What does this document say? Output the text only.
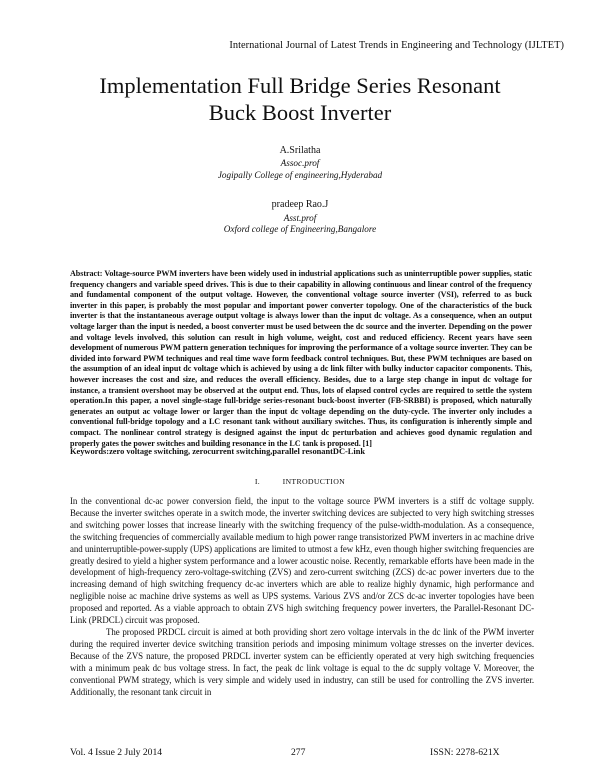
International Journal of Latest Trends in Engineering and Technology (IJLTET)
Implementation Full Bridge Series Resonant
Buck Boost Inverter
A.Srilatha
Assoc.prof
Jogipally College of engineering,Hyderabad
pradeep Rao.J
Asst.prof
Oxford college of Engineering,Bangalore
Abstract: Voltage-source PWM inverters have been widely used in industrial applications such as uninterruptible power supplies, static frequency changers and variable speed drives. This is due to their capability in allowing continuous and linear control of the frequency and fundamental component of the output voltage. However, the conventional voltage source inverter (VSI), referred to as buck inverter in this paper, is probably the most popular and important power converter topology. One of the characteristics of the buck inverter is that the instantaneous average output voltage is always lower than the input dc voltage. As a consequence, when an output voltage larger than the input is needed, a boost converter must be used between the dc source and the inverter. Depending on the power and voltage levels involved, this solution can result in high volume, weight, cost and reduced efficiency. Recent years have seen development of numerous PWM pattern generation techniques for improving the performance of a voltage source inverter. They can be divided into forward PWM techniques and real time wave form feedback control techniques. But, these PWM techniques are based on the assumption of an ideal input dc voltage which is achieved by using a dc link filter with bulky inductor capacitor components. This, however increases the cost and size, and reduces the overall efficiency. Besides, due to a large step change in input dc voltage for instance, a transient overshoot may be observed at the output end. Thus, lots of elapsed control cycles are required to settle the system operation.In this paper, a novel single-stage full-bridge series-resonant buck-boost inverter (FB-SRBBI) is proposed, which naturally generates an output ac voltage lower or larger than the input dc voltage depending on the duty-cycle. The inverter only includes a conventional full-bridge topology and a LC resonant tank without auxiliary switches. Thus, its configuration is inherently simple and compact. The nonlinear control strategy is designed against the input dc perturbation and achieves good dynamic regulation and properly gates the power switches and building resonance in the LC tank is proposed. [1]
Keywords:zero voltage switching, zerocurrent switching,parallel resonantDC-Link
I.	INTRODUCTION

In the conventional dc-ac power conversion field, the input to the voltage source PWM inverters is a stiff dc voltage supply. Because the inverter switches operate in a switch mode, the inverter switching devices are subjected to very high switching stresses and switching power losses that increase linearly with the switching frequency of the pulse-width-modulation. As a consequence, the switching frequencies of commercially available medium to high power range transistorized PWM inverters in ac machine drive and uninterruptible-power-supply (UPS) applications are limited to utmost a few kHz, even though higher switching frequencies are greatly desired to yield a higher system performance and a lower acoustic noise. Recently, remarkable efforts have been made in the development of high-frequency zero-voltage-switching (ZVS) and zero-current switching (ZCS) dc-ac power inverters due to the increasing demand of high switching frequency dc-ac inverters which are able to realize highly dynamic, high performance and negligible noise ac machine drive systems as well as UPS systems. Various ZVS and/or ZCS dc-ac inverter topologies have been proposed and reported. As a viable approach to obtain ZVS high switching frequency power inverters, the Parallel-Resonant DC-Link (PRDCL) circuit was proposed.

The proposed PRDCL circuit is aimed at both providing short zero voltage intervals in the dc link of the PWM inverter during the required inverter device switching transition periods and imposing minimum voltage stresses on the inverter devices. Because of the ZVS nature, the proposed PRDCL inverter system can be efficiently operated at very high switching frequencies with a minimum peak dc bus voltage stress. In fact, the peak dc link voltage is equal to the dc supply voltage V. Moreover, the conventional PWM strategy, which is very simple and widely used in industry, can still be used for controlling the ZVS inverter. Additionally, the resonant tank circuit in

Vol. 4 Issue 2 July 2014	277	ISSN: 2278-621X
